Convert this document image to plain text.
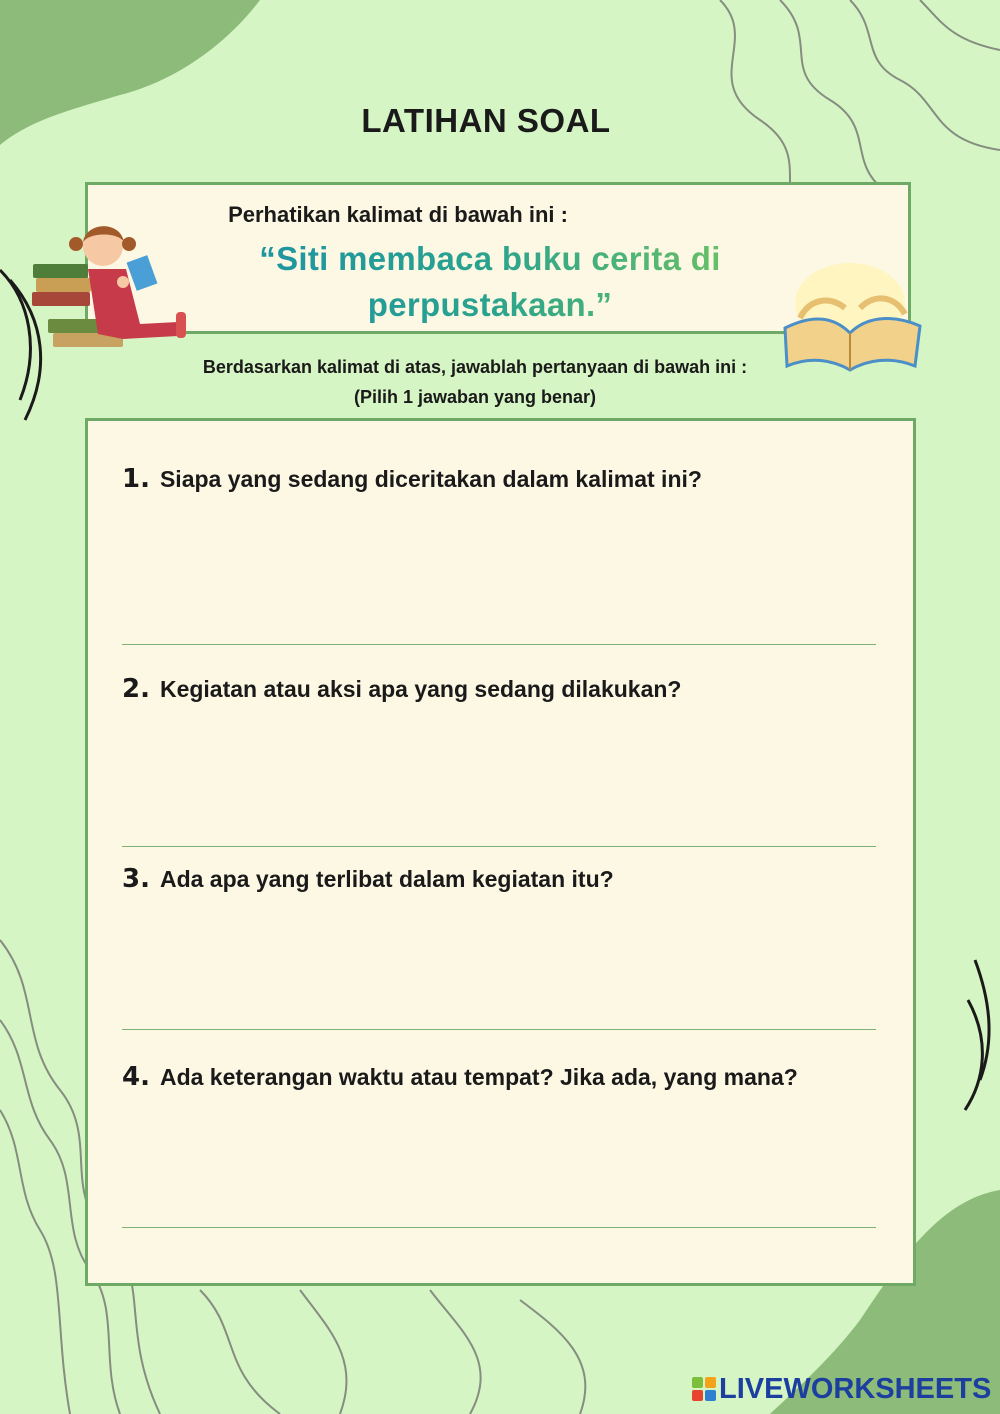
LATIHAN SOAL
Perhatikan kalimat di bawah ini :
“Siti membaca buku cerita di
perpustakaan.”
Berdasarkan kalimat di atas, jawablah pertanyaan di bawah ini :
(Pilih 1 jawaban yang benar)
1. Siapa yang sedang diceritakan dalam kalimat ini?
2. Kegiatan atau aksi apa yang sedang dilakukan?
3. Ada apa yang terlibat dalam kegiatan itu?
4. Ada keterangan waktu atau tempat? Jika ada, yang mana?
LIVEWORKSHEETS
